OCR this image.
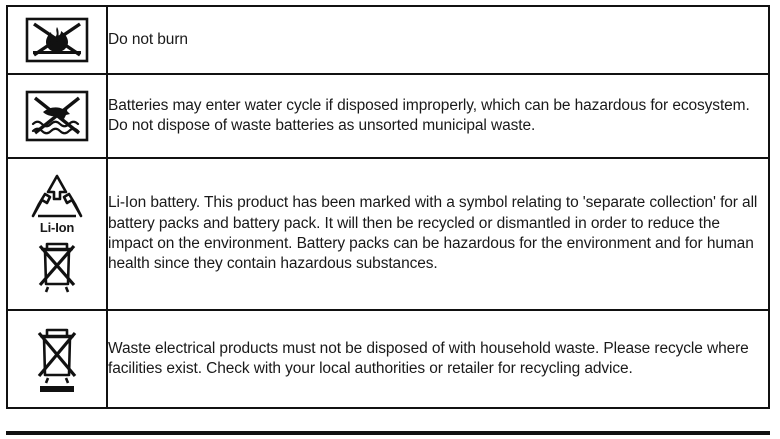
	Do not burn

	Batteries may enter water cycle if disposed improperly, which can be hazardous for ecosystem. Do not dispose of waste batteries as unsorted municipal waste.

Li-Ion	Li-Ion battery. This product has been marked with a symbol relating to 'separate collection' for all battery packs and battery pack. It will then be recycled or dismantled in order to reduce the impact on the environment. Battery packs can be hazardous for the environment and for human health since they contain hazardous substances.

	Waste electrical products must not be disposed of with household waste. Please recycle where facilities exist. Check with your local authorities or retailer for recycling advice.
